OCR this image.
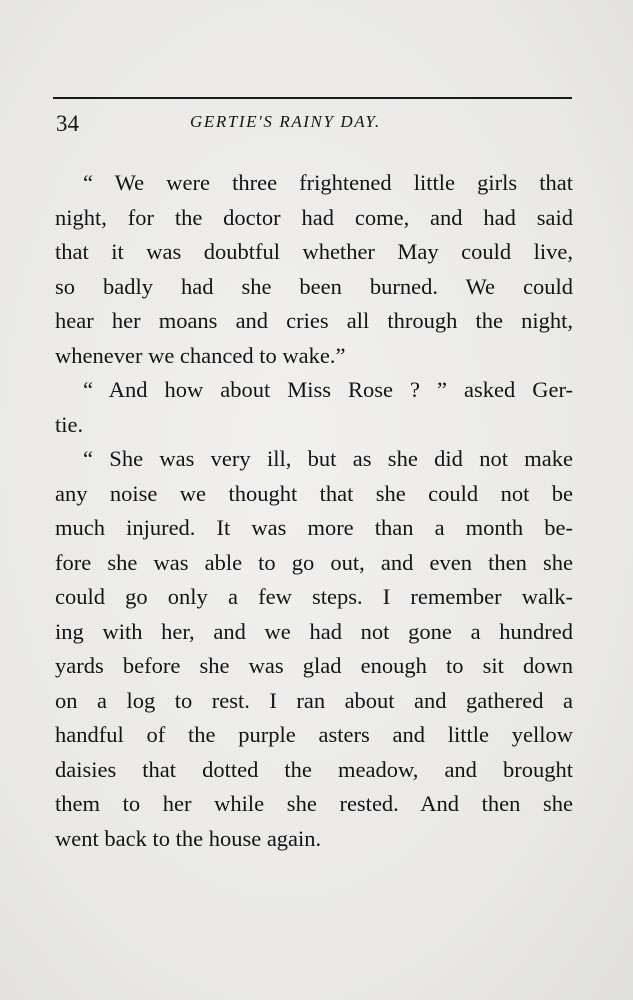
34	GERTIE'S RAINY DAY.
“ We were three frightened little girls that
night, for the doctor had come, and had said
that it was doubtful whether May could live,
so badly had she been burned. We could
hear her moans and cries all through the night,
whenever we chanced to wake.”
“ And how about Miss Rose ? ” asked Ger-
tie.
“ She was very ill, but as she did not make
any noise we thought that she could not be
much injured. It was more than a month be-
fore she was able to go out, and even then she
could go only a few steps. I remember walk-
ing with her, and we had not gone a hundred
yards before she was glad enough to sit down
on a log to rest. I ran about and gathered a
handful of the purple asters and little yellow
daisies that dotted the meadow, and brought
them to her while she rested. And then she
went back to the house again.
